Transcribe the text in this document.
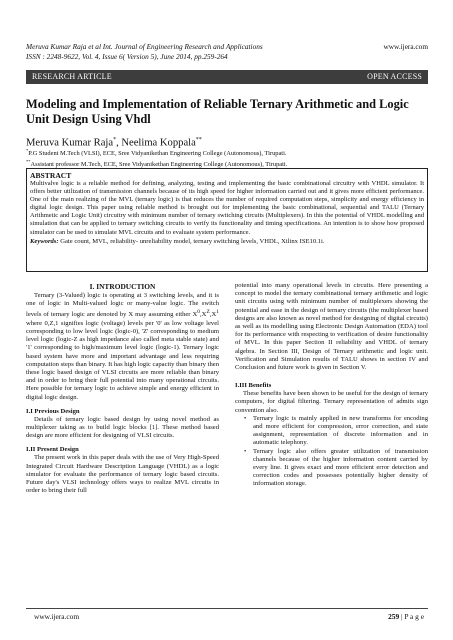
Meruva Kumar Raja et al Int. Journal of Engineering Research and Applications
ISSN : 2248-9622, Vol. 4, Issue 6( Version 5), June 2014, pp.259-264
www.ijera.com
RESEARCH ARTICLE	OPEN ACCESS
Modeling and Implementation of Reliable Ternary Arithmetic and Logic Unit Design Using Vhdl
Meruva Kumar Raja*, Neelima Koppala**
*P.G Student M.Tech (VLSI), ECE, Sree Vidyanikethan Engineering College (Autonomous), Tirupati.
**Assistant professor M.Tech, ECE, Sree Vidyanikethan Engineering College (Autonomous), Tirupati.
ABSTRACT
Multivalve logic is a reliable method for defining, analyzing, testing and implementing the basic combinational circuitry with VHDL simulator. It offers better utilization of transmission channels because of its high speed for higher information carried out and it gives more efficient performance. One of the main realizing of the MVL (ternary logic) is that reduces the number of required computation steps, simplicity and energy efficiency in digital logic design. This paper using reliable method is brought out for implementing the basic combinational, sequential and TALU (Ternary Arithmetic and Logic Unit) circuitry with minimum number of ternary switching circuits (Multiplexers). In this the potential of VHDL modelling and simulation that can be applied to ternary switching circuits to verify its functionality and timing specifications. An intention is to show how proposed simulator can be used to simulate MVL circuits and to evaluate system performance.
Keywords: Gate count, MVL, reliability- unreliability model, ternary switching levels, VHDL, Xilinx ISE10.1i.
I. INTRODUCTION
Ternary (3-Valued) logic is operating at 3 switching levels, and it is one of logic in Multi-valued logic or many-value logic. The switch levels of ternary logic are denoted by X may assuming either $X^0,X^Z,X^1$ where 0,Z,1 signifies logic (voltage) levels per '0' as low voltage level corresponding to low level logic (logic-0), 'Z' corresponding to medium level logic (logic-Z as high impedance also called meta stable state) and '1' corresponding to high/maximum level logic (logic-1). Ternary logic based system have more and important advantage and less requiring computation steps than binary. It has high logic capacity than binary then these logic based design of VLSI circuits are more reliable than binary and in order to bring their full potential into many operational circuits. Here possible for ternary logic to achieve simple and energy efficient in digital logic design.
I.I Previous Design
Details of ternary logic based design by using novel method as multiplexer taking as to build logic blocks [1]. These method based design are more efficient for designing of VLSI circuits.
I.II Present Design
The present work in this paper deals with the use of Very High-Speed Integrated Circuit Hardware Description Language (VHDL) as a logic simulator for evaluate the performance of ternary logic based circuits. Future day's VLSI technology offers ways to realize MVL circuits in order to bring their full
potential into many operational levels in circuits. Here presenting a concept to model the ternary combinational ternary arithmetic and logic unit circuits using with minimum number of multiplexers showing the potential and ease in the design of ternary circuits (the multiplexer based designs are also known as novel method for designing of digital circuits) as well as its modelling using Electronic Design Automation (EDA) tool for its performance with respecting to verification of desire functionality of MVL. In this paper Section II reliability and VHDL of ternary algebra. In Section III, Design of Ternary arithmetic and logic unit. Verification and Simulation results of TALU shows in section IV and Conclusion and future work is given in Section V.
I.III Benefits
These benefits have been shown to be useful for the design of ternary computers, for digital filtering. Ternary representation of admits sign convention also.
• Ternary logic is mainly applied in new transforms for encoding and more efficient for compression, error correction, and state assignment, representation of discrete information and in automatic telephony.
• Ternary logic also offers greater utilization of transmission channels because of the higher information content carried by every line. It gives exact and more efficient error detection and correction codes and possesses potentially higher density of information storage.
www.ijera.com	259 | P a g e
